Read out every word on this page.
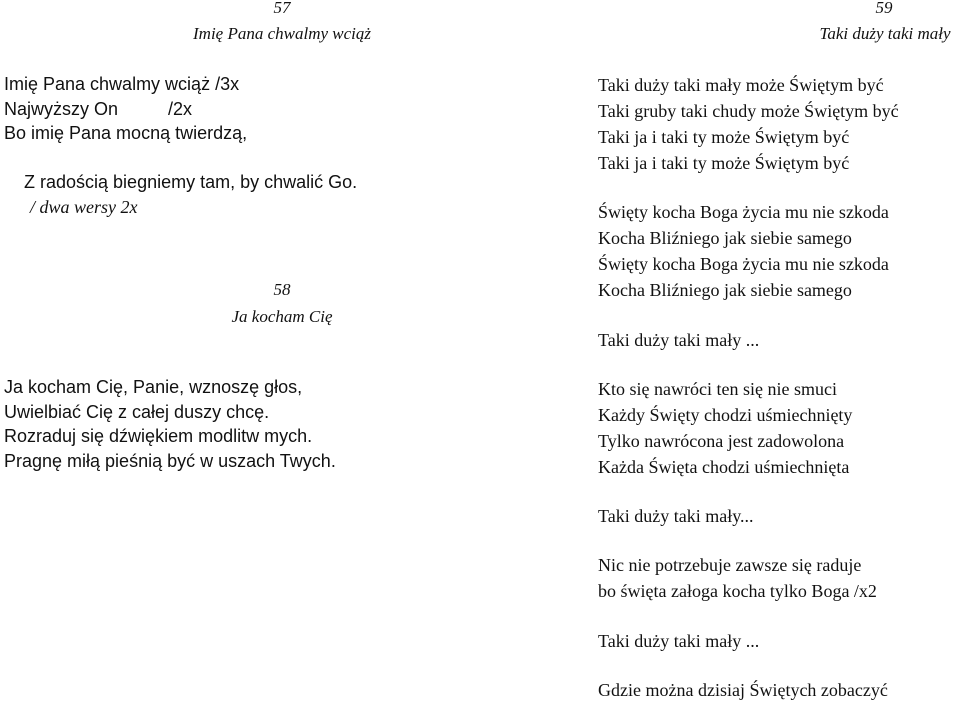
57
Imię Pana chwalmy wciąż
Imię Pana chwalmy wciąż /3x
Najwyższy On          /2x
Bo imię Pana mocną twierdzą,

Z radością biegniemy tam, by chwalić Go.
/ dwa wersy 2x

58
Ja kocham Cię
Ja kocham Cię, Panie, wznoszę głos,
Uwielbiać Cię z całej duszy chcę.
Rozraduj się dźwiękiem modlitw mych.
Pragnę miłą pieśnią być w uszach Twych.
59
Taki duży taki mały
Taki duży taki mały może Świętym być
Taki gruby taki chudy może Świętym być
Taki ja i taki ty może Świętym być
Taki ja i taki ty może Świętym być
Święty kocha Boga życia mu nie szkoda
Kocha Bliźniego jak siebie samego
Święty kocha Boga życia mu nie szkoda
Kocha Bliźniego jak siebie samego
Taki duży taki mały ...
Kto się nawróci ten się nie smuci
Każdy Święty chodzi uśmiechnięty
Tylko nawrócona jest zadowolona
Każda Święta chodzi uśmiechnięta
Taki duży taki mały...
Nic nie potrzebuje zawsze się raduje
bo święta załoga kocha tylko Boga /x2
Taki duży taki mały ...
Gdzie można dzisiaj Świętych zobaczyć
